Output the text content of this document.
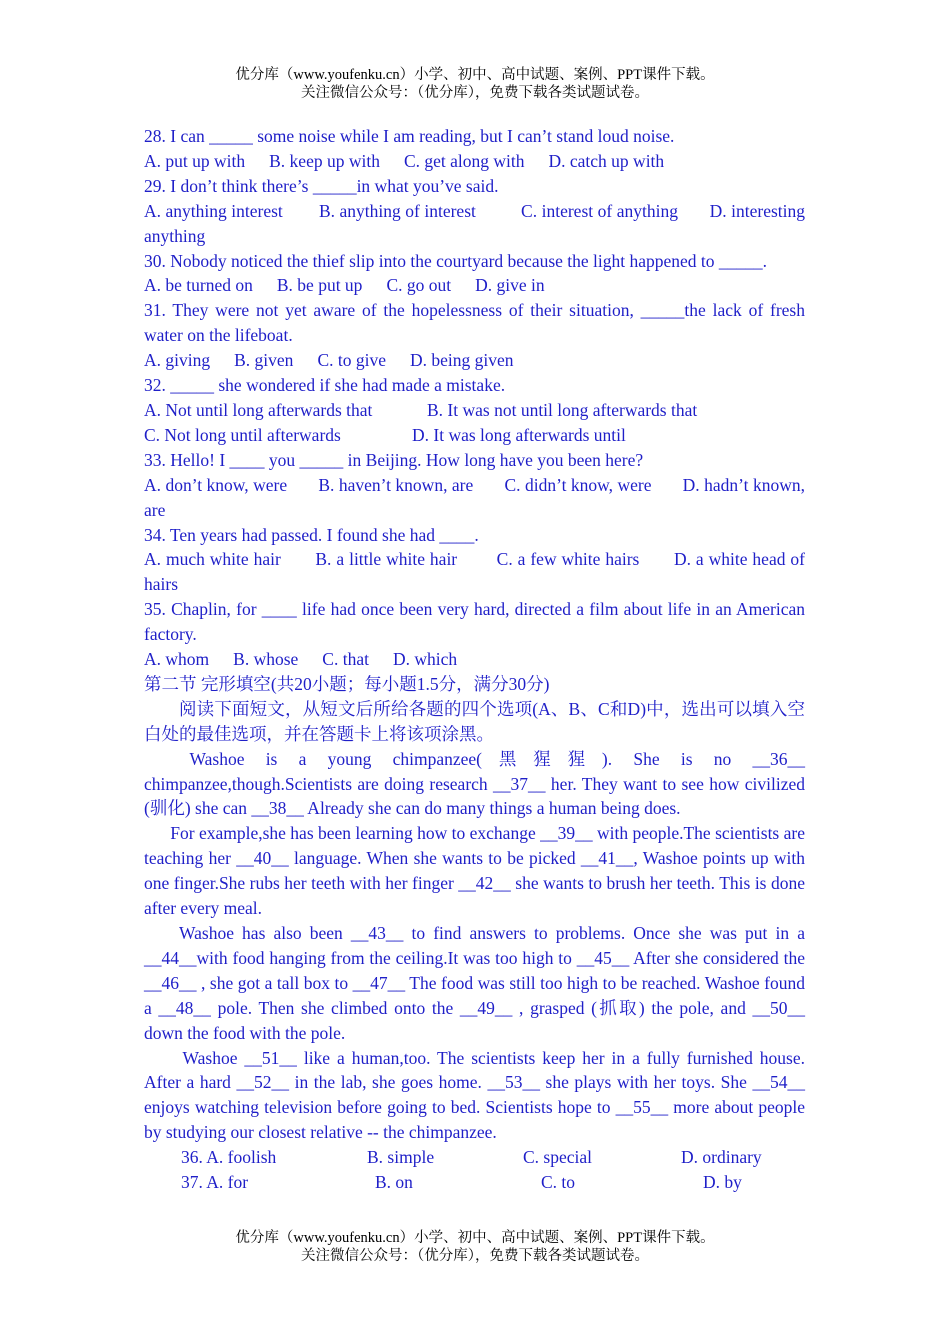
优分库（www.youfenku.cn）小学、初中、高中试题、案例、PPT课件下载。
关注微信公众号：（优分库），免费下载各类试题试卷。
28. I can _____ some noise while I am reading, but I can’t stand loud noise.
A. put up with B. keep up with C. get along with D. catch up with
29. I don’t think there’s _____in what you’ve said.
A. anything interest        B. anything of interest          C. interest of anything       D. interesting anything
30. Nobody noticed the thief slip into the courtyard because the light happened to _____.
A. be turned on B. be put up C. go out D. give in
31. They were not yet aware of the hopelessness of their situation, _____the lack of fresh water on the lifeboat.
A. giving B. given C. to give D. being given
32. _____ she wondered if she had made a mistake.
A. Not until long afterwards that	B. It was not until long afterwards that
C. Not long until afterwards	D. It was long afterwards until
33. Hello! I ____ you _____ in Beijing. How long have you been here?
A. don’t know, were       B. haven’t known, are       C. didn’t know, were       D. hadn’t known, are
34. Ten years had passed. I found she had ____.
A. much white hair       B. a little white hair        C. a few white hairs       D. a white head of hairs
35. Chaplin, for ____ life had once been very hard, directed a film about life in an American factory.
A. whom B. whose C. that D. which
第二节 完形填空(共20小题；每小题1.5分，满分30分)
阅读下面短文，从短文后所给各题的四个选项(A、B、C和D)中，选出可以填入空白处的最佳选项，并在答题卡上将该项涂黑。
Washoe is a young chimpanzee(黑猩猩). She is no __36__ chimpanzee,though.Scientists are doing research __37__ her. They want to see how civilized (驯化) she can __38__ Already she can do many things a human being does.
For example,she has been learning how to exchange __39__ with people.The scientists are teaching her __40__ language. When she wants to be picked __41__, Washoe points up with one finger.She rubs her teeth with her finger __42__ she wants to brush her teeth. This is done after every meal.
Washoe has also been __43__ to find answers to problems. Once she was put in a __44__with food hanging from the ceiling.It was too high to __45__ After she considered the __46__ , she got a tall box to __47__ The food was still too high to be reached. Washoe found a __48__ pole. Then she climbed onto the __49__ , grasped (抓取) the pole, and __50__ down the food with the pole.
Washoe __51__ like a human,too. The scientists keep her in a fully furnished house. After a hard __52__ in the lab, she goes home. __53__ she plays with her toys. She __54__ enjoys watching television before going to bed. Scientists hope to __55__ more about people by studying our closest relative -- the chimpanzee.
36. A. foolish	B. simple	C. special	D. ordinary
37. A. for	B. on	C. to	D. by
优分库（www.youfenku.cn）小学、初中、高中试题、案例、PPT课件下载。
关注微信公众号：（优分库），免费下载各类试题试卷。
